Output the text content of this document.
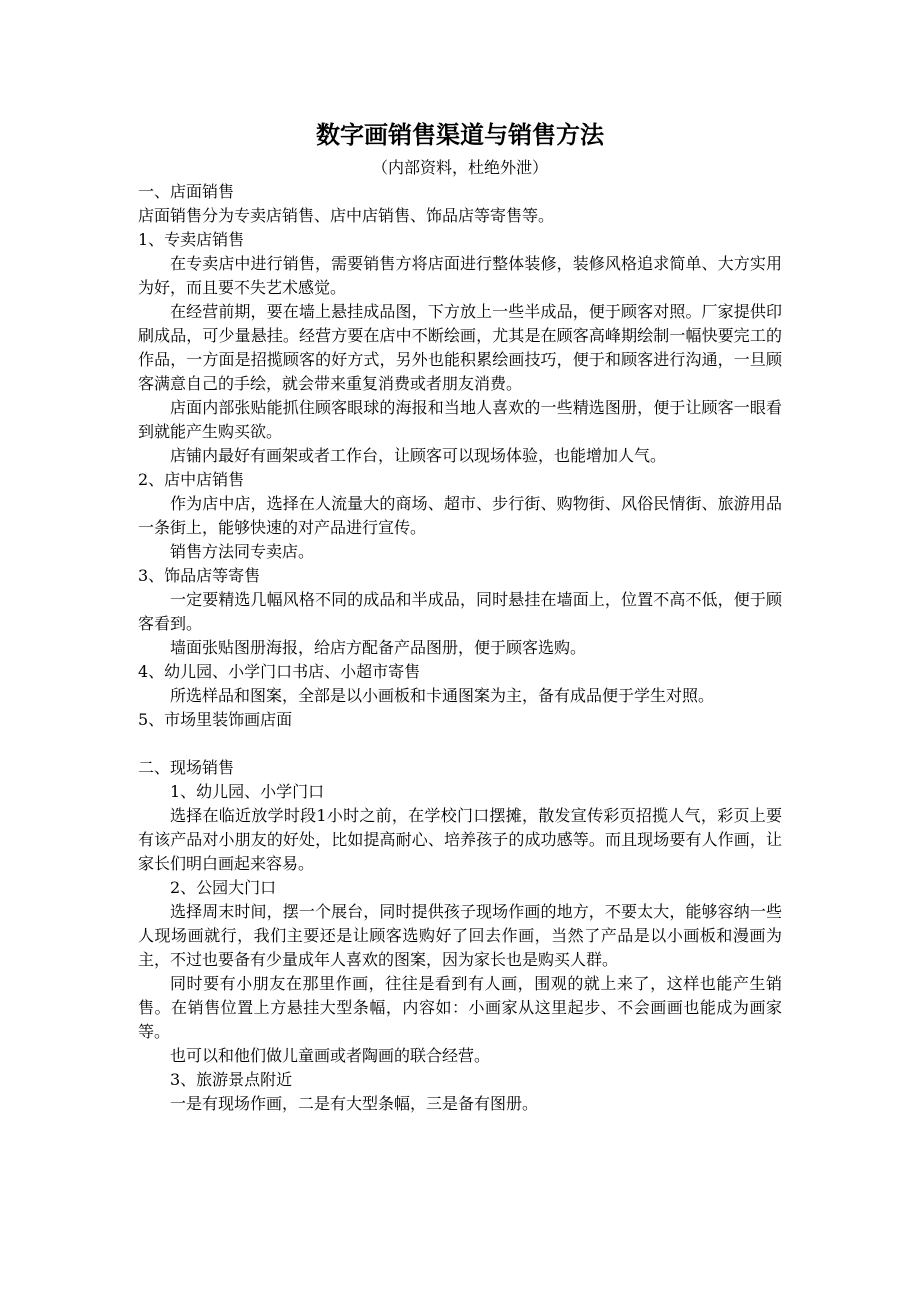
数字画销售渠道与销售方法
（内部资料，杜绝外泄）
一、店面销售
店面销售分为专卖店销售、店中店销售、饰品店等寄售等。
1、专卖店销售
在专卖店中进行销售，需要销售方将店面进行整体装修，装修风格追求简单、大方实用为好，而且要不失艺术感觉。
在经营前期，要在墙上悬挂成品图，下方放上一些半成品，便于顾客对照。厂家提供印刷成品，可少量悬挂。经营方要在店中不断绘画，尤其是在顾客高峰期绘制一幅快要完工的作品，一方面是招揽顾客的好方式，另外也能积累绘画技巧，便于和顾客进行沟通，一旦顾客满意自己的手绘，就会带来重复消费或者朋友消费。
店面内部张贴能抓住顾客眼球的海报和当地人喜欢的一些精选图册，便于让顾客一眼看到就能产生购买欲。
店铺内最好有画架或者工作台，让顾客可以现场体验，也能增加人气。
2、店中店销售
作为店中店，选择在人流量大的商场、超市、步行街、购物街、风俗民情街、旅游用品一条街上，能够快速的对产品进行宣传。
销售方法同专卖店。
3、饰品店等寄售
一定要精选几幅风格不同的成品和半成品，同时悬挂在墙面上，位置不高不低，便于顾客看到。
墙面张贴图册海报，给店方配备产品图册，便于顾客选购。
4、幼儿园、小学门口书店、小超市寄售
所选样品和图案，全部是以小画板和卡通图案为主，备有成品便于学生对照。
5、市场里装饰画店面
二、现场销售
1、幼儿园、小学门口
选择在临近放学时段1小时之前，在学校门口摆摊，散发宣传彩页招揽人气，彩页上要有该产品对小朋友的好处，比如提高耐心、培养孩子的成功感等。而且现场要有人作画，让家长们明白画起来容易。
2、公园大门口
选择周末时间，摆一个展台，同时提供孩子现场作画的地方，不要太大，能够容纳一些人现场画就行，我们主要还是让顾客选购好了回去作画，当然了产品是以小画板和漫画为主，不过也要备有少量成年人喜欢的图案，因为家长也是购买人群。
同时要有小朋友在那里作画，往往是看到有人画，围观的就上来了，这样也能产生销售。在销售位置上方悬挂大型条幅，内容如：小画家从这里起步、不会画画也能成为画家等。
也可以和他们做儿童画或者陶画的联合经营。
3、旅游景点附近
一是有现场作画，二是有大型条幅，三是备有图册。
